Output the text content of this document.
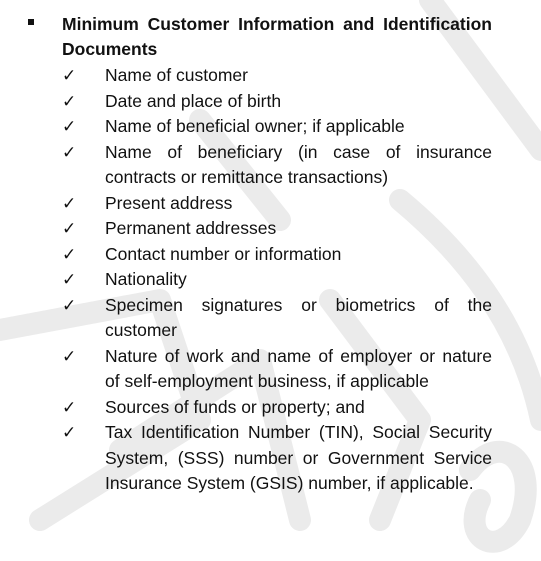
Minimum Customer Information and Identification Documents
✓ Name of customer
✓ Date and place of birth
✓ Name of beneficial owner; if applicable
✓ Name of beneficiary (in case of insurance contracts or remittance transactions)
✓ Present address
✓ Permanent addresses
✓ Contact number or information
✓ Nationality
✓ Specimen signatures or biometrics of the customer
✓ Nature of work and name of employer or nature of self-employment business, if applicable
✓ Sources of funds or property; and
✓ Tax Identification Number (TIN), Social Security System, (SSS) number or Government Service Insurance System (GSIS) number, if applicable.
